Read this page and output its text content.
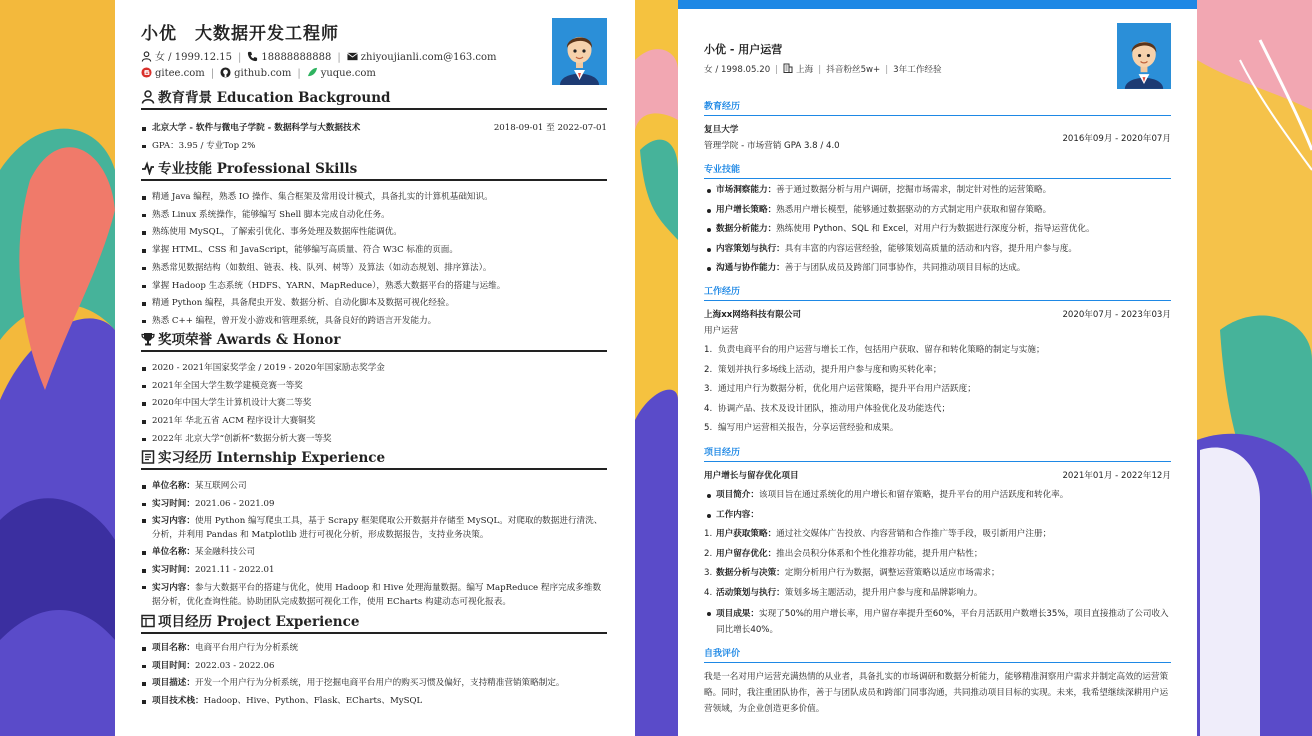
小优　大数据开发工程师
女 / 1999.12.15 | 18888888888 | zhiyoujianli.com@163.com
gitee.com | github.com | yuque.com
教育背景 Education Background
北京大学 - 软件与微电子学院 - 数据科学与大数据技术	2018-09-01 至 2022-07-01
GPA：3.95 / 专业Top 2%
专业技能 Professional Skills
精通 Java 编程，熟悉 IO 操作、集合框架及常用设计模式，具备扎实的计算机基础知识。
熟悉 Linux 系统操作，能够编写 Shell 脚本完成自动化任务。
熟练使用 MySQL，了解索引优化、事务处理及数据库性能调优。
掌握 HTML、CSS 和 JavaScript，能够编写高质量、符合 W3C 标准的页面。
熟悉常见数据结构（如数组、链表、栈、队列、树等）及算法（如动态规划、排序算法）。
掌握 Hadoop 生态系统（HDFS、YARN、MapReduce），熟悉大数据平台的搭建与运维。
精通 Python 编程，具备爬虫开发、数据分析、自动化脚本及数据可视化经验。
熟悉 C++ 编程，曾开发小游戏和管理系统，具备良好的跨语言开发能力。
奖项荣誉 Awards & Honor
2020 - 2021年国家奖学金 / 2019 - 2020年国家励志奖学金
2021年全国大学生数学建模竞赛一等奖
2020年中国大学生计算机设计大赛二等奖
2021年 华北五省 ACM 程序设计大赛铜奖
2022年 北京大学“创新杯”数据分析大赛一等奖
实习经历 Internship Experience
单位名称：某互联网公司
实习时间：2021.06 - 2021.09
实习内容：使用 Python 编写爬虫工具，基于 Scrapy 框架爬取公开数据并存储至 MySQL。对爬取的数据进行清洗、分析，并利用 Pandas 和 Matplotlib 进行可视化分析，形成数据报告，支持业务决策。
单位名称：某金融科技公司
实习时间：2021.11 - 2022.01
实习内容：参与大数据平台的搭建与优化，使用 Hadoop 和 Hive 处理海量数据。编写 MapReduce 程序完成多维数据分析，优化查询性能。协助团队完成数据可视化工作，使用 ECharts 构建动态可视化报表。
项目经历 Project Experience
项目名称：电商平台用户行为分析系统
项目时间：2022.03 - 2022.06
项目描述：开发一个用户行为分析系统，用于挖掘电商平台用户的购买习惯及偏好，支持精准营销策略制定。
项目技术栈：Hadoop、Hive、Python、Flask、ECharts、MySQL
小优 - 用户运营
女 / 1998.05.20 | 上海 | 抖音粉丝5w+ | 3年工作经验
教育经历
复旦大学
管理学院 - 市场营销 GPA 3.8 / 4.0
2016年09月 - 2020年07月
专业技能
市场洞察能力：善于通过数据分析与用户调研，挖掘市场需求，制定针对性的运营策略。
用户增长策略：熟悉用户增长模型，能够通过数据驱动的方式制定用户获取和留存策略。
数据分析能力：熟练使用 Python、SQL 和 Excel，对用户行为数据进行深度分析，指导运营优化。
内容策划与执行：具有丰富的内容运营经验，能够策划高质量的活动和内容，提升用户参与度。
沟通与协作能力：善于与团队成员及跨部门同事协作，共同推动项目目标的达成。
工作经历
上海xx网络科技有限公司	2020年07月 - 2023年03月
用户运营
1. 负责电商平台的用户运营与增长工作，包括用户获取、留存和转化策略的制定与实施；
2. 策划并执行多场线上活动，提升用户参与度和购买转化率；
3. 通过用户行为数据分析，优化用户运营策略，提升平台用户活跃度；
4. 协调产品、技术及设计团队，推动用户体验优化及功能迭代；
5. 编写用户运营相关报告，分享运营经验和成果。
项目经历
用户增长与留存优化项目	2021年01月 - 2022年12月
项目简介：该项目旨在通过系统化的用户增长和留存策略，提升平台的用户活跃度和转化率。
工作内容：
1. 用户获取策略：通过社交媒体广告投放、内容营销和合作推广等手段，吸引新用户注册；
2. 用户留存优化：推出会员积分体系和个性化推荐功能，提升用户粘性；
3. 数据分析与决策：定期分析用户行为数据，调整运营策略以适应市场需求；
4. 活动策划与执行：策划多场主题活动，提升用户参与度和品牌影响力。
项目成果：实现了50%的用户增长率，用户留存率提升至60%，平台月活跃用户数增长35%，项目直接推动了公司收入同比增长40%。
自我评价
我是一名对用户运营充满热情的从业者，具备扎实的市场调研和数据分析能力，能够精准洞察用户需求并制定高效的运营策略。同时，我注重团队协作，善于与团队成员和跨部门同事沟通，共同推动项目目标的实现。未来，我希望继续深耕用户运营领域，为企业创造更多价值。
